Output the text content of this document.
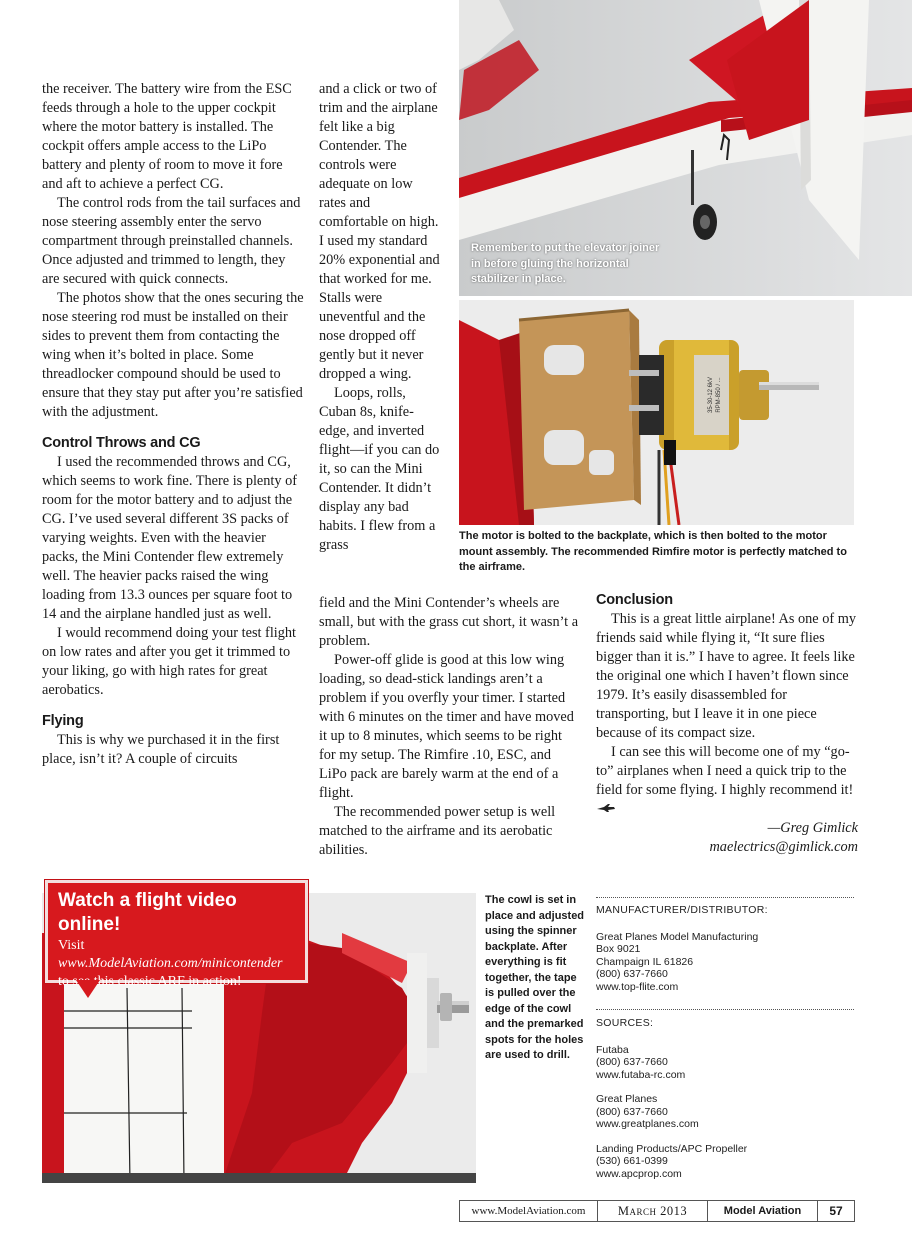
the receiver. The battery wire from the ESC feeds through a hole to the upper cockpit where the motor battery is installed. The cockpit offers ample access to the LiPo battery and plenty of room to move it fore and aft to achieve a perfect CG.

The control rods from the tail surfaces and nose steering assembly enter the servo compartment through preinstalled channels. Once adjusted and trimmed to length, they are secured with quick connects.

The photos show that the ones securing the nose steering rod must be installed on their sides to prevent them from contacting the wing when it’s bolted in place. Some threadlocker compound should be used to ensure that they stay put after you’re satisfied with the adjustment.

Control Throws and CG

I used the recommended throws and CG, which seems to work fine. There is plenty of room for the motor battery and to adjust the CG. I’ve used several different 3S packs of varying weights. Even with the heavier packs, the Mini Contender flew extremely well. The heavier packs raised the wing loading from 13.3 ounces per square foot to 14 and the airplane handled just as well.

I would recommend doing your test flight on low rates and after you get it trimmed to your liking, go with high rates for great aerobatics.

Flying

This is why we purchased it in the first place, isn’t it? A couple of circuits

and a click or two of trim and the airplane felt like a big Contender. The controls were adequate on low rates and comfortable on high. I used my standard 20% exponential and that worked for me. Stalls were uneventful and the nose dropped off gently but it never dropped a wing.

Loops, rolls, Cuban 8s, knife-edge, and inverted flight—if you can do it, so can the Mini Contender. It didn’t display any bad habits. I flew from a grass

field and the Mini Contender’s wheels are small, but with the grass cut short, it wasn’t a problem.

Power-off glide is good at this low wing loading, so dead-stick landings aren’t a problem if you overfly your timer. I started with 6 minutes on the timer and have moved it up to 8 minutes, which seems to be right for my setup. The Rimfire .10, ESC, and LiPo pack are barely warm at the end of a flight.

The recommended power setup is well matched to the airframe and its aerobatic abilities.

Conclusion

This is a great little airplane! As one of my friends said while flying it, “It sure flies bigger than it is.” I have to agree. It feels like the original one which I haven’t flown since 1979. It’s easily disassembled for transporting, but I leave it in one piece because of its compact size.

I can see this will become one of my “go-to” airplanes when I need a quick trip to the field for some flying. I highly recommend it!

—Greg Gimlick

maelectrics@gimlick.com

Remember to put the elevator joiner in before gluing the horizontal stabilizer in place.
35-30-12 6kV RPM-850 / ...
The motor is bolted to the backplate, which is then bolted to the motor mount assembly. The recommended Rimfire motor is perfectly matched to the airframe.
The cowl is set in place and adjusted using the spinner backplate. After everything is fit together, the tape is pulled over the edge of the cowl and the premarked spots for the holes are used to drill.
Watch a flight video online!
Visit www.ModelAviation.com/minicontender to see this classic ARF in action!
MANUFACTURER/DISTRIBUTOR:
Great Planes Model Manufacturing
Box 9021
Champaign IL 61826
(800) 637-7660
www.top-flite.com
SOURCES:
Futaba
(800) 637-7660
www.futaba-rc.com
Great Planes
(800) 637-7660
www.greatplanes.com
Landing Products/APC Propeller
(530) 661-0399
www.apcprop.com
www.ModelAviation.com	March 2013	Model Aviation	57
